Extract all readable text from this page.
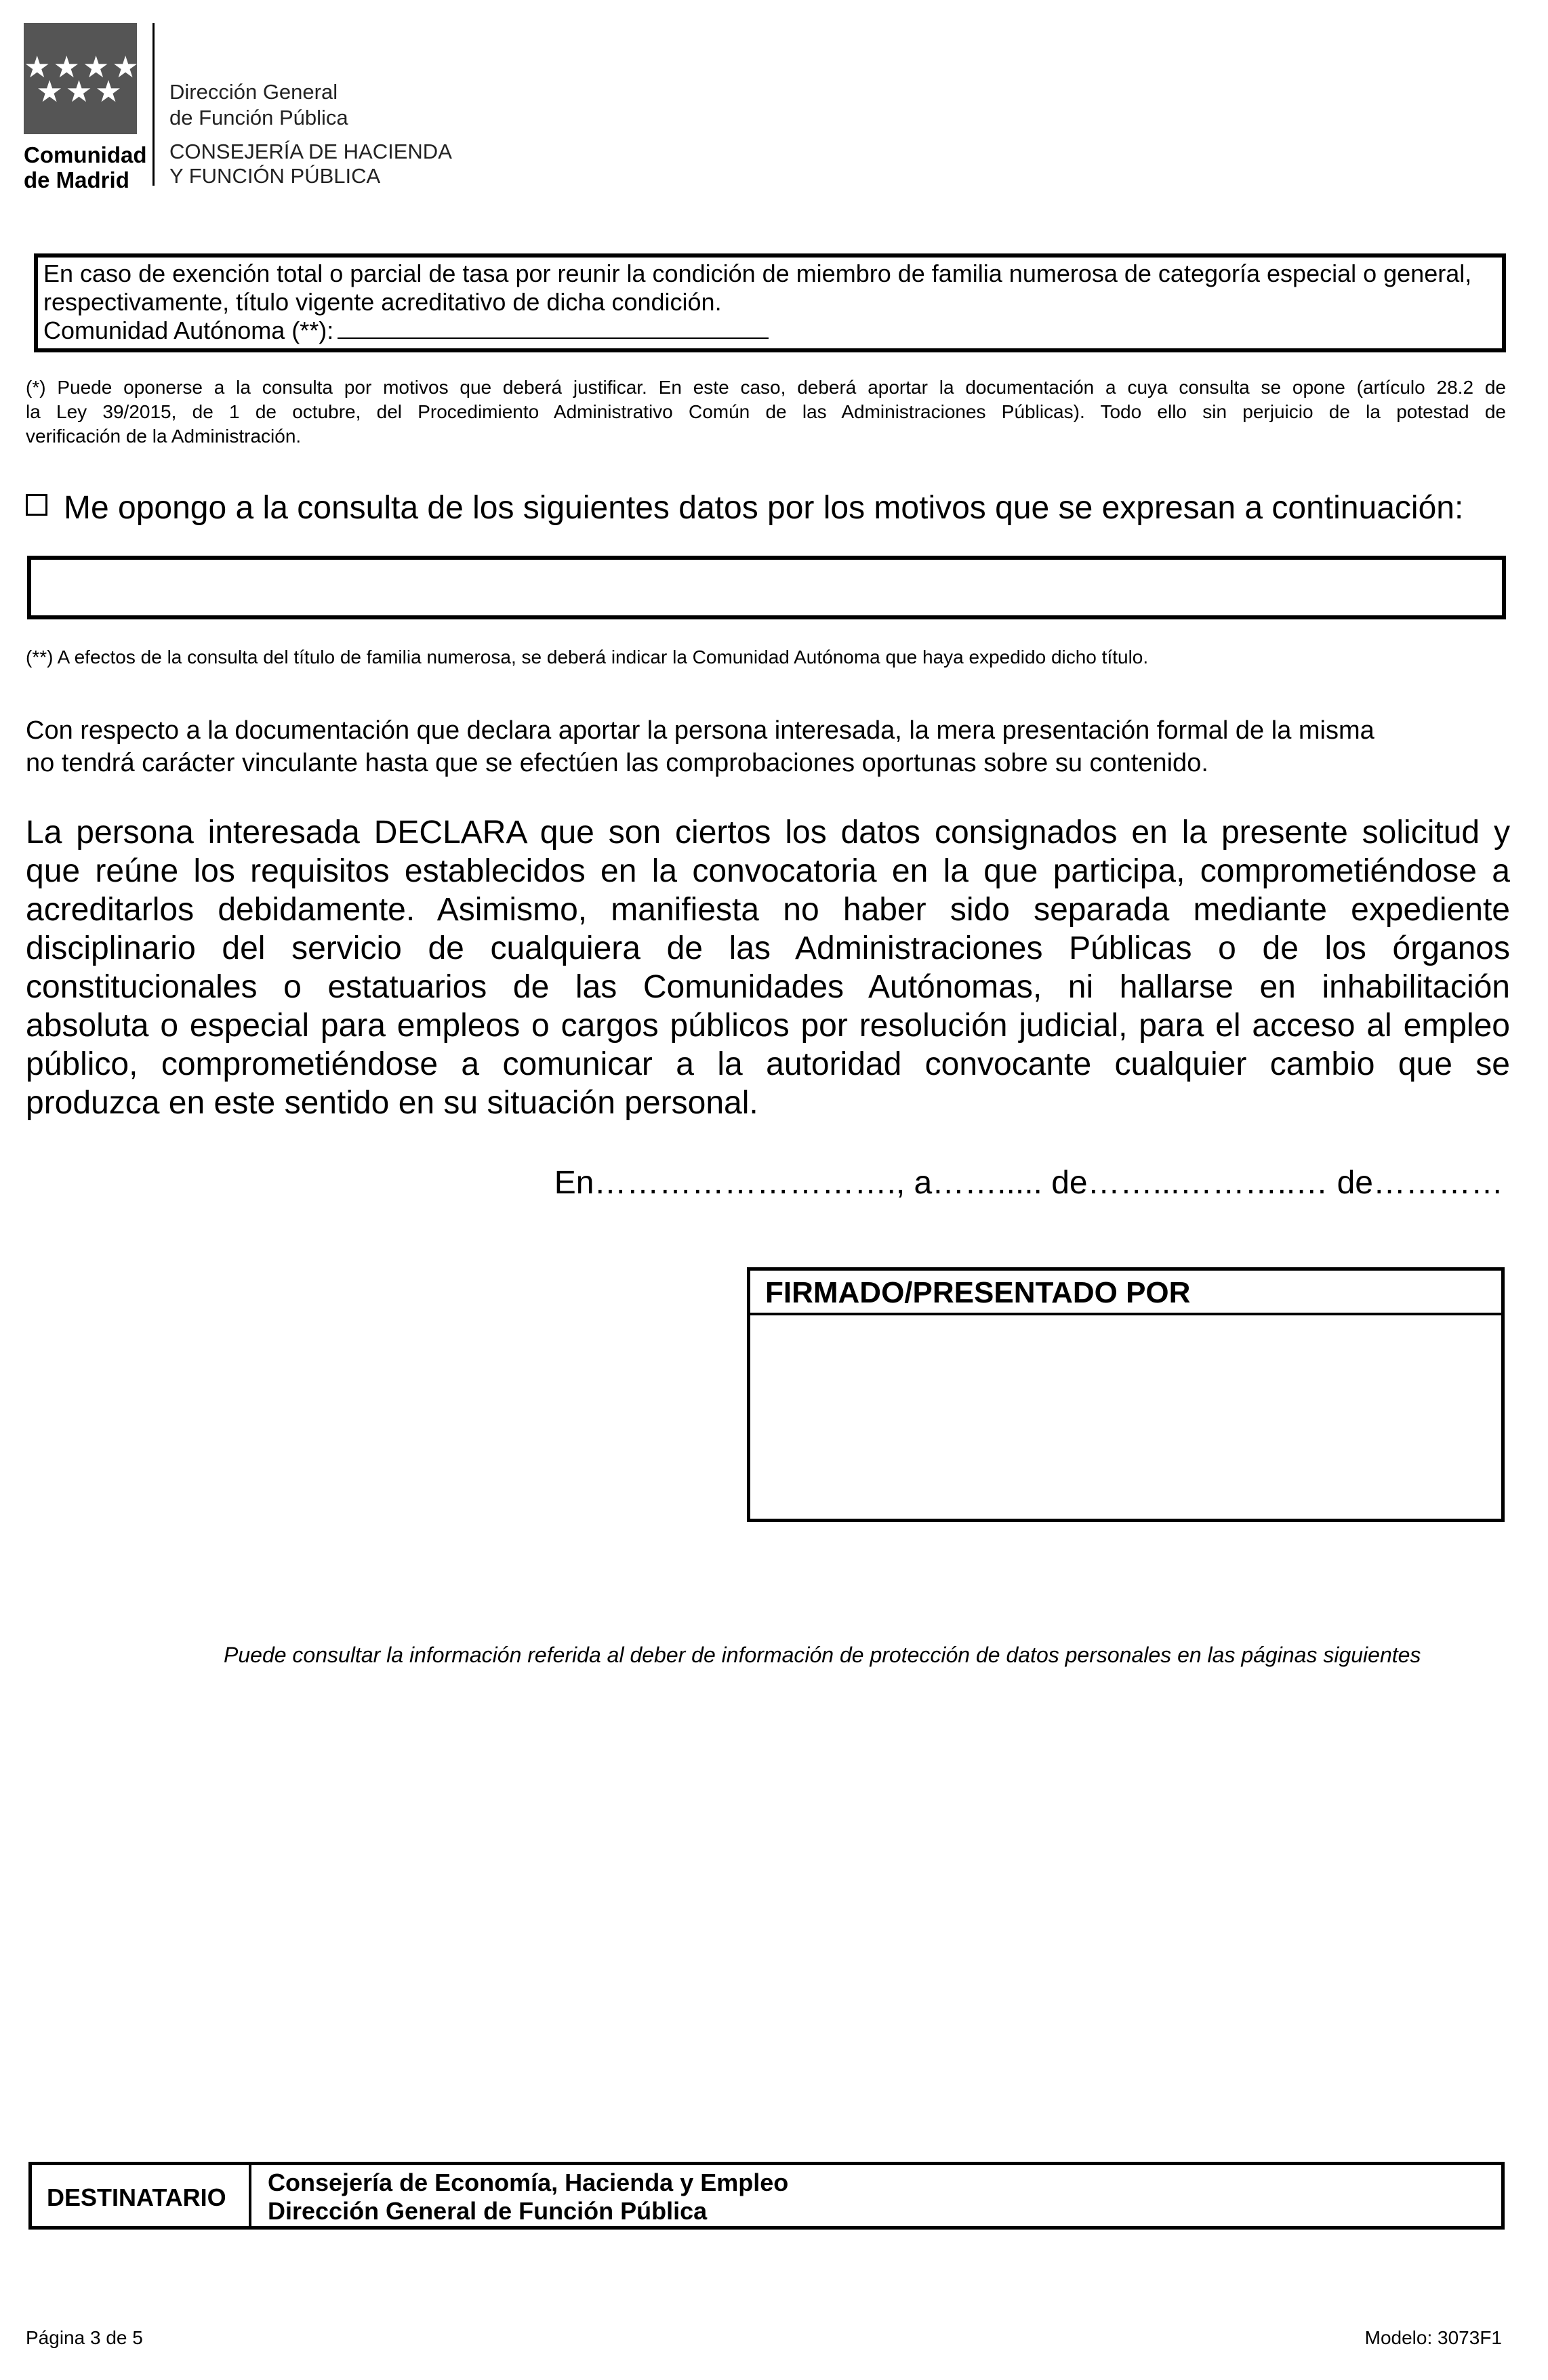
★★★★
★★★
Comunidad
de Madrid
Dirección General
de Función Pública
CONSEJERÍA DE HACIENDA
Y FUNCIÓN PÚBLICA
En caso de exención total o parcial de tasa por reunir la condición de miembro de familia numerosa de categoría especial o general,
respectivamente, título vigente acreditativo de dicha condición.
Comunidad Autónoma (**):
(*) Puede oponerse a la consulta por motivos que deberá justificar. En este caso, deberá aportar la documentación a cuya consulta se opone (artículo 28.2 de
la Ley 39/2015, de 1 de octubre, del Procedimiento Administrativo Común de las Administraciones Públicas). Todo ello sin perjuicio de la potestad de
verificación de la Administración.
Me opongo a la consulta de los siguientes datos por los motivos que se expresan a continuación:
(**) A efectos de la consulta del título de familia numerosa, se deberá indicar la Comunidad Autónoma que haya expedido dicho título.
Con respecto a la documentación que declara aportar la persona interesada, la mera presentación formal de la misma
no tendrá carácter vinculante hasta que se efectúen las comprobaciones oportunas sobre su contenido.
La persona interesada DECLARA que son ciertos los datos consignados en la presente solicitud y
que reúne los requisitos establecidos en la convocatoria en la que participa, comprometiéndose a
acreditarlos debidamente. Asimismo, manifiesta no haber sido separada mediante expediente
disciplinario del servicio de cualquiera de las Administraciones Públicas o de los órganos
constitucionales o estatuarios de las Comunidades Autónomas, ni hallarse en inhabilitación
absoluta o especial para empleos o cargos públicos por resolución judicial, para el acceso al empleo
público, comprometiéndose a comunicar a la autoridad convocante cualquier cambio que se
produzca en este sentido en su situación personal.
En………………………., a……..... de……...………..… de…………
FIRMADO/PRESENTADO POR
Puede consultar la información referida al deber de información de protección de datos personales en las páginas siguientes
DESTINATARIO
Consejería de Economía, Hacienda y Empleo
Dirección General de Función Pública
Página 3 de 5	Modelo: 3073F1
